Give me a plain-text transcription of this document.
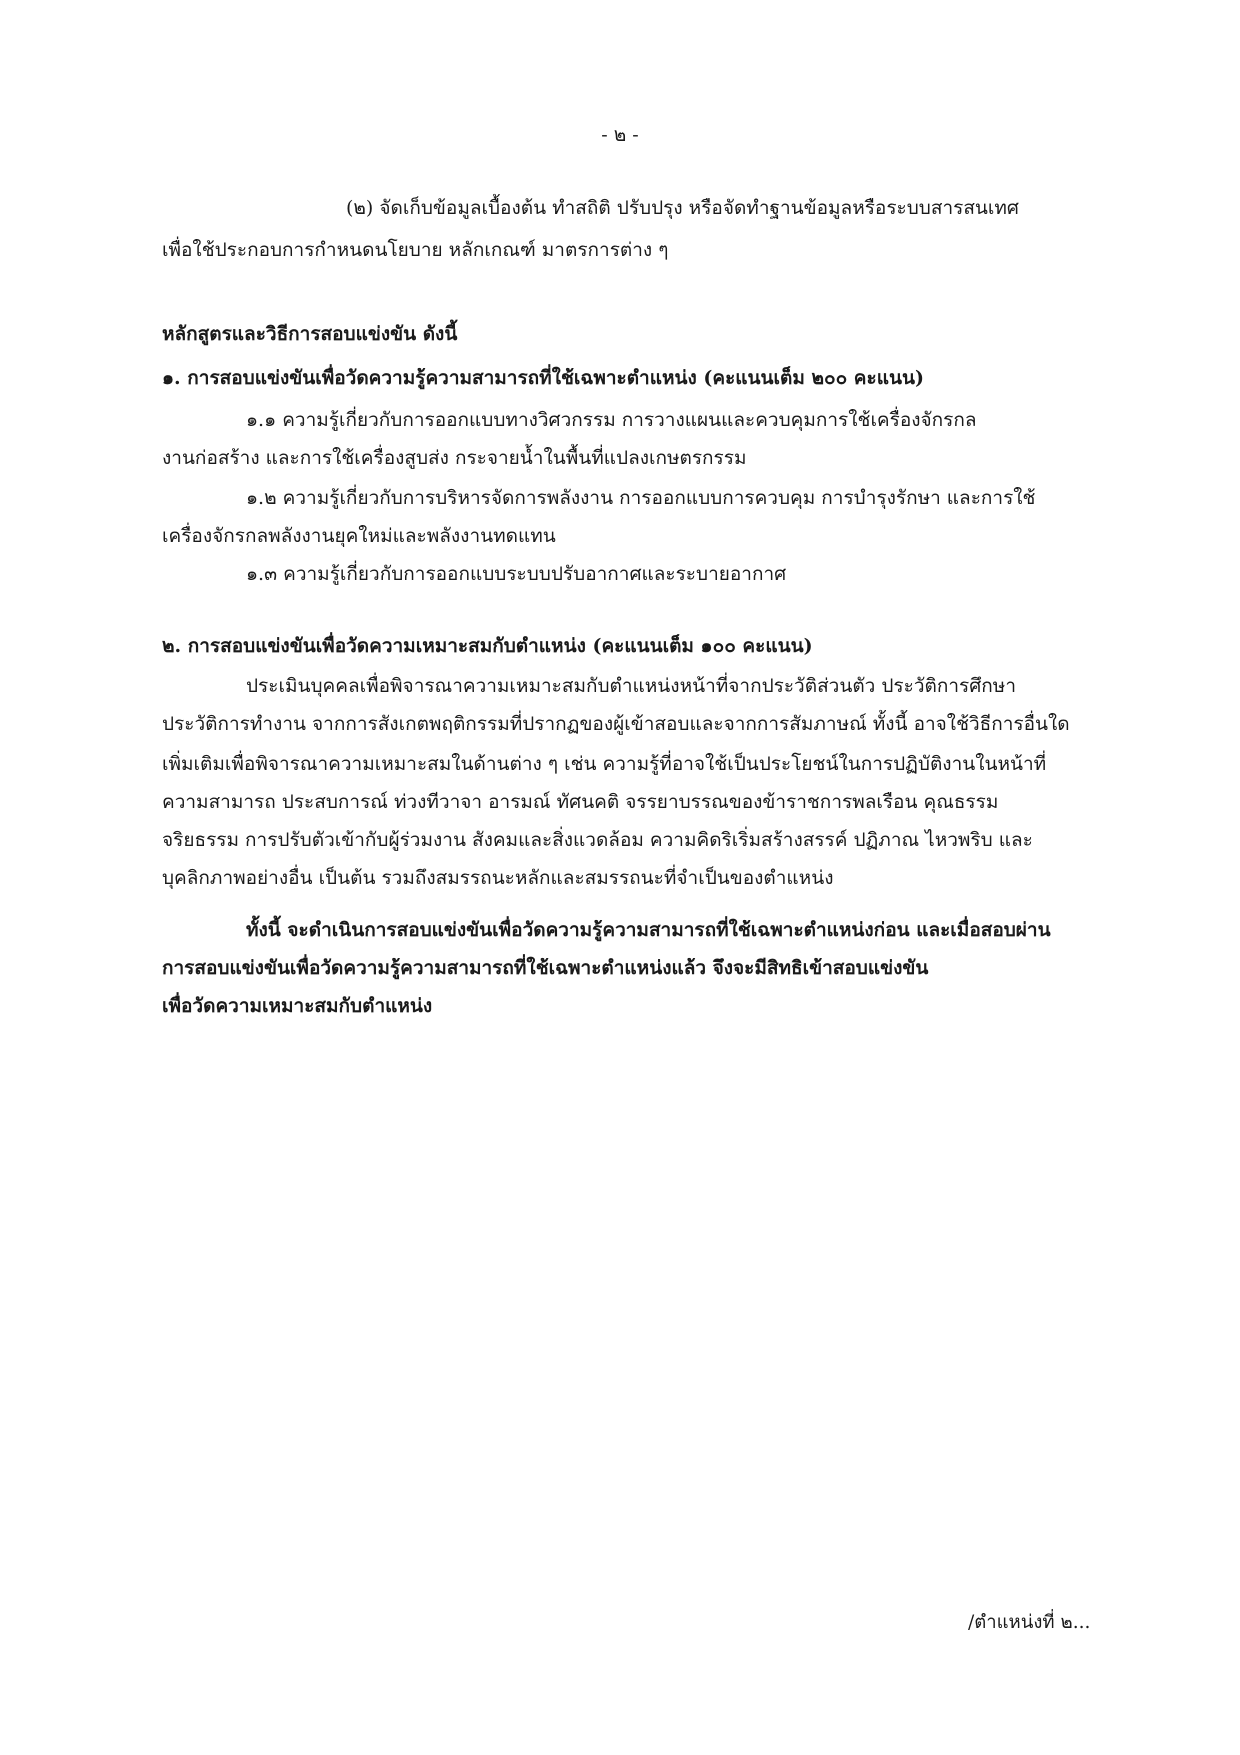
- ๒ -
(๒) จัดเก็บข้อมูลเบื้องต้น ทำสถิติ ปรับปรุง หรือจัดทำฐานข้อมูลหรือระบบสารสนเทศ
เพื่อใช้ประกอบการกำหนดนโยบาย หลักเกณฑ์ มาตรการต่าง ๆ
หลักสูตรและวิธีการสอบแข่งขัน ดังนี้
๑. การสอบแข่งขันเพื่อวัดความรู้ความสามารถที่ใช้เฉพาะตำแหน่ง (คะแนนเต็ม ๒๐๐ คะแนน)
๑.๑ ความรู้เกี่ยวกับการออกแบบทางวิศวกรรม การวางแผนและควบคุมการใช้เครื่องจักรกล
งานก่อสร้าง และการใช้เครื่องสูบส่ง กระจายน้ำในพื้นที่แปลงเกษตรกรรม
๑.๒ ความรู้เกี่ยวกับการบริหารจัดการพลังงาน การออกแบบการควบคุม การบำรุงรักษา และการใช้
เครื่องจักรกลพลังงานยุคใหม่และพลังงานทดแทน
๑.๓ ความรู้เกี่ยวกับการออกแบบระบบปรับอากาศและระบายอากาศ
๒. การสอบแข่งขันเพื่อวัดความเหมาะสมกับตำแหน่ง (คะแนนเต็ม ๑๐๐ คะแนน)
ประเมินบุคคลเพื่อพิจารณาความเหมาะสมกับตำแหน่งหน้าที่จากประวัติส่วนตัว ประวัติการศึกษา
ประวัติการทำงาน จากการสังเกตพฤติกรรมที่ปรากฏของผู้เข้าสอบและจากการสัมภาษณ์ ทั้งนี้ อาจใช้วิธีการอื่นใด
เพิ่มเติมเพื่อพิจารณาความเหมาะสมในด้านต่าง ๆ เช่น ความรู้ที่อาจใช้เป็นประโยชน์ในการปฏิบัติงานในหน้าที่
ความสามารถ ประสบการณ์ ท่วงทีวาจา อารมณ์ ทัศนคติ จรรยาบรรณของข้าราชการพลเรือน คุณธรรม
จริยธรรม การปรับตัวเข้ากับผู้ร่วมงาน สังคมและสิ่งแวดล้อม ความคิดริเริ่มสร้างสรรค์ ปฏิภาณ ไหวพริบ และ
บุคลิกภาพอย่างอื่น เป็นต้น รวมถึงสมรรถนะหลักและสมรรถนะที่จำเป็นของตำแหน่ง
ทั้งนี้ จะดำเนินการสอบแข่งขันเพื่อวัดความรู้ความสามารถที่ใช้เฉพาะตำแหน่งก่อน และเมื่อสอบผ่าน
การสอบแข่งขันเพื่อวัดความรู้ความสามารถที่ใช้เฉพาะตำแหน่งแล้ว จึงจะมีสิทธิเข้าสอบแข่งขัน
เพื่อวัดความเหมาะสมกับตำแหน่ง
/ตำแหน่งที่ ๒...
